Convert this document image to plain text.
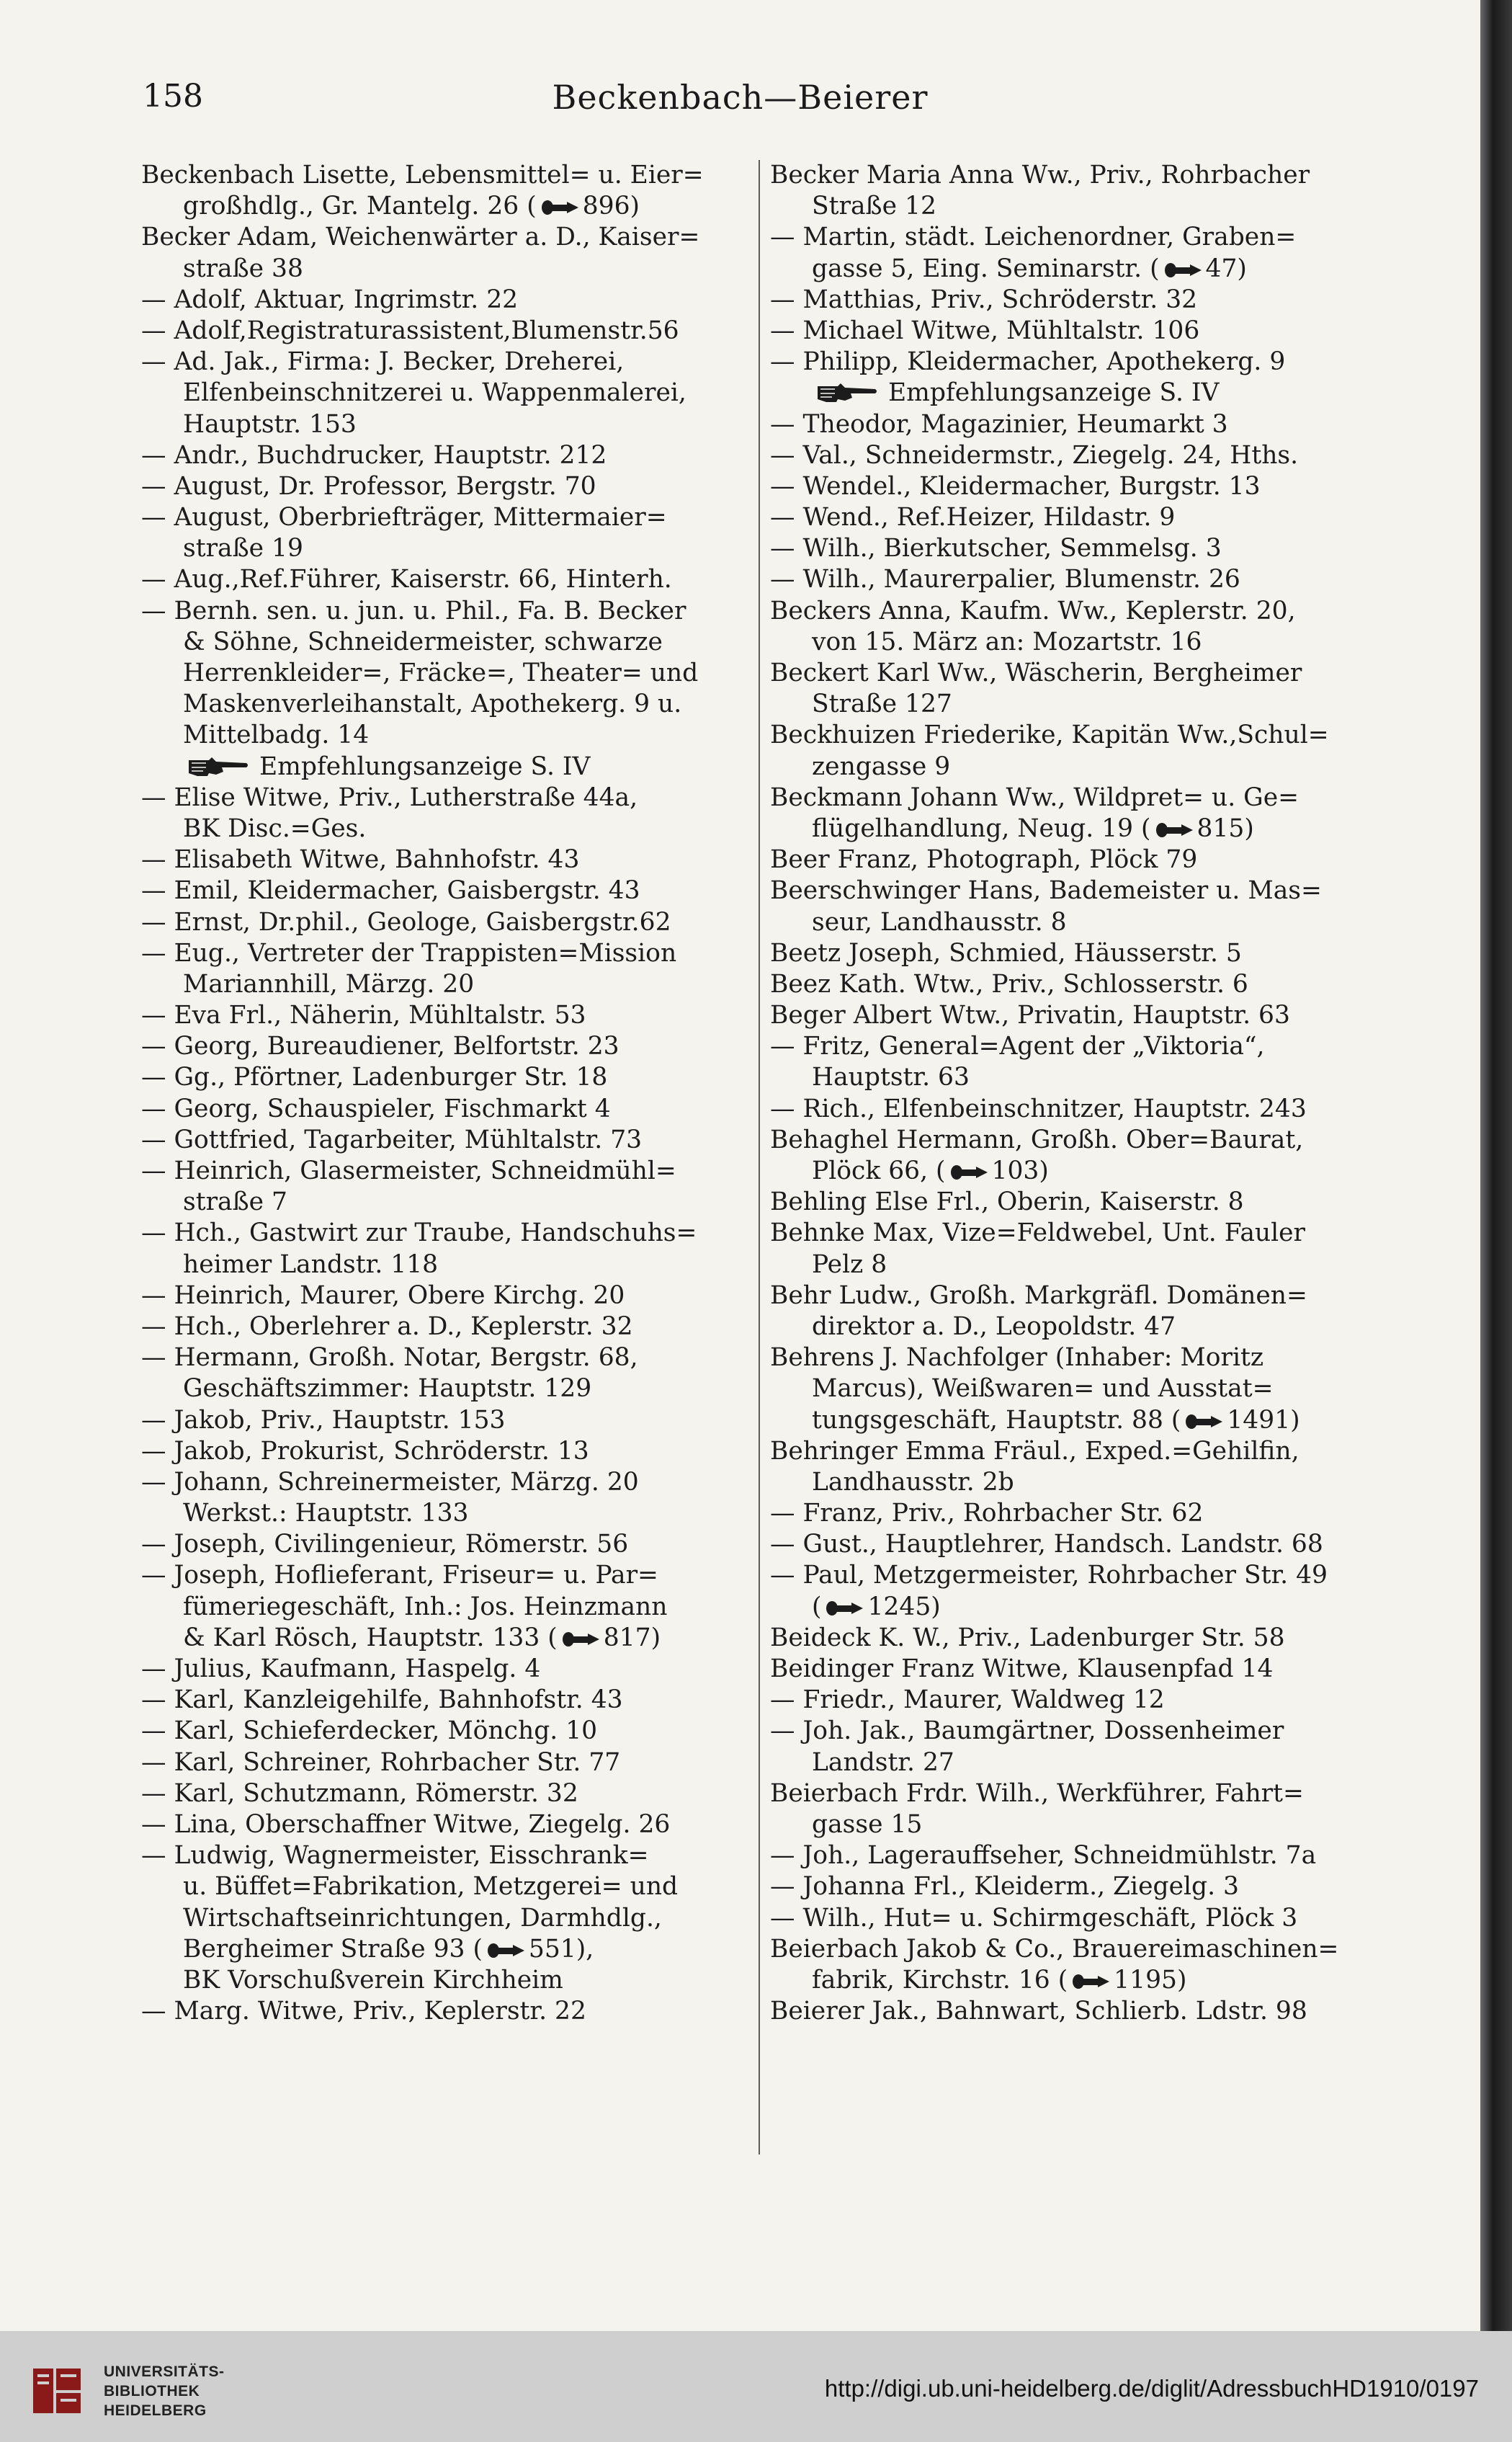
158	Beckenbach—Beierer
Beckenbach Lisette, Lebensmittel= u. Eier=
großhdlg., Gr. Mantelg. 26 ( 896)
Becker Adam, Weichenwärter a. D., Kaiser=
straße 38
— Adolf, Aktuar, Ingrimstr. 22
— Adolf,Registraturassistent,Blumenstr.56
— Ad. Jak., Firma: J. Becker, Dreherei,
Elfenbeinschnitzerei u. Wappenmalerei,
Hauptstr. 153
— Andr., Buchdrucker, Hauptstr. 212
— August, Dr. Professor, Bergstr. 70
— August, Oberbriefträger, Mittermaier=
straße 19
— Aug.,Ref.Führer, Kaiserstr. 66, Hinterh.
— Bernh. sen. u. jun. u. Phil., Fa. B. Becker
& Söhne, Schneidermeister, schwarze
Herrenkleider=, Fräcke=, Theater= und
Maskenverleihanstalt, Apothekerg. 9 u.
Mittelbadg. 14
Empfehlungsanzeige S. IV
— Elise Witwe, Priv., Lutherstraße 44a,
BK Disc.=Ges.
— Elisabeth Witwe, Bahnhofstr. 43
— Emil, Kleidermacher, Gaisbergstr. 43
— Ernst, Dr.phil., Geologe, Gaisbergstr.62
— Eug., Vertreter der Trappisten=Mission
Mariannhill, Märzg. 20
— Eva Frl., Näherin, Mühltalstr. 53
— Georg, Bureaudiener, Belfortstr. 23
— Gg., Pförtner, Ladenburger Str. 18
— Georg, Schauspieler, Fischmarkt 4
— Gottfried, Tagarbeiter, Mühltalstr. 73
— Heinrich, Glasermeister, Schneidmühl=
straße 7
— Hch., Gastwirt zur Traube, Handschuhs=
heimer Landstr. 118
— Heinrich, Maurer, Obere Kirchg. 20
— Hch., Oberlehrer a. D., Keplerstr. 32
— Hermann, Großh. Notar, Bergstr. 68,
Geschäftszimmer: Hauptstr. 129
— Jakob, Priv., Hauptstr. 153
— Jakob, Prokurist, Schröderstr. 13
— Johann, Schreinermeister, Märzg. 20
Werkst.: Hauptstr. 133
— Joseph, Civilingenieur, Römerstr. 56
— Joseph, Hoflieferant, Friseur= u. Par=
fümeriegeschäft, Inh.: Jos. Heinzmann
& Karl Rösch, Hauptstr. 133 ( 817)
— Julius, Kaufmann, Haspelg. 4
— Karl, Kanzleigehilfe, Bahnhofstr. 43
— Karl, Schieferdecker, Mönchg. 10
— Karl, Schreiner, Rohrbacher Str. 77
— Karl, Schutzmann, Römerstr. 32
— Lina, Oberschaffner Witwe, Ziegelg. 26
— Ludwig, Wagnermeister, Eisschrank=
u. Büffet=Fabrikation, Metzgerei= und
Wirtschaftseinrichtungen, Darmhdlg.,
Bergheimer Straße 93 ( 551),
BK Vorschußverein Kirchheim
— Marg. Witwe, Priv., Keplerstr. 22
Becker Maria Anna Ww., Priv., Rohrbacher
Straße 12
— Martin, städt. Leichenordner, Graben=
gasse 5, Eing. Seminarstr. ( 47)
— Matthias, Priv., Schröderstr. 32
— Michael Witwe, Mühltalstr. 106
— Philipp, Kleidermacher, Apothekerg. 9
Empfehlungsanzeige S. IV
— Theodor, Magazinier, Heumarkt 3
— Val., Schneidermstr., Ziegelg. 24, Hths.
— Wendel., Kleidermacher, Burgstr. 13
— Wend., Ref.Heizer, Hildastr. 9
— Wilh., Bierkutscher, Semmelsg. 3
— Wilh., Maurerpalier, Blumenstr. 26
Beckers Anna, Kaufm. Ww., Keplerstr. 20,
von 15. März an: Mozartstr. 16
Beckert Karl Ww., Wäscherin, Bergheimer
Straße 127
Beckhuizen Friederike, Kapitän Ww.,Schul=
zengasse 9
Beckmann Johann Ww., Wildpret= u. Ge=
flügelhandlung, Neug. 19 ( 815)
Beer Franz, Photograph, Plöck 79
Beerschwinger Hans, Bademeister u. Mas=
seur, Landhausstr. 8
Beetz Joseph, Schmied, Häusserstr. 5
Beez Kath. Wtw., Priv., Schlosserstr. 6
Beger Albert Wtw., Privatin, Hauptstr. 63
— Fritz, General=Agent der „Viktoria“,
Hauptstr. 63
— Rich., Elfenbeinschnitzer, Hauptstr. 243
Behaghel Hermann, Großh. Ober=Baurat,
Plöck 66, ( 103)
Behling Else Frl., Oberin, Kaiserstr. 8
Behnke Max, Vize=Feldwebel, Unt. Fauler
Pelz 8
Behr Ludw., Großh. Markgräfl. Domänen=
direktor a. D., Leopoldstr. 47
Behrens J. Nachfolger (Inhaber: Moritz
Marcus), Weißwaren= und Ausstat=
tungsgeschäft, Hauptstr. 88 ( 1491)
Behringer Emma Fräul., Exped.=Gehilfin,
Landhausstr. 2b
— Franz, Priv., Rohrbacher Str. 62
— Gust., Hauptlehrer, Handsch. Landstr. 68
— Paul, Metzgermeister, Rohrbacher Str. 49
( 1245)
Beideck K. W., Priv., Ladenburger Str. 58
Beidinger Franz Witwe, Klausenpfad 14
— Friedr., Maurer, Waldweg 12
— Joh. Jak., Baumgärtner, Dossenheimer
Landstr. 27
Beierbach Frdr. Wilh., Werkführer, Fahrt=
gasse 15
— Joh., Lagerauffseher, Schneidmühlstr. 7a
— Johanna Frl., Kleiderm., Ziegelg. 3
— Wilh., Hut= u. Schirmgeschäft, Plöck 3
Beierbach Jakob & Co., Brauereimaschinen=
fabrik, Kirchstr. 16 ( 1195)
Beierer Jak., Bahnwart, Schlierb. Ldstr. 98
UNIVERSITÄTS-
BIBLIOTHEK
HEIDELBERG
http://digi.ub.uni-heidelberg.de/diglit/AdressbuchHD1910/0197
